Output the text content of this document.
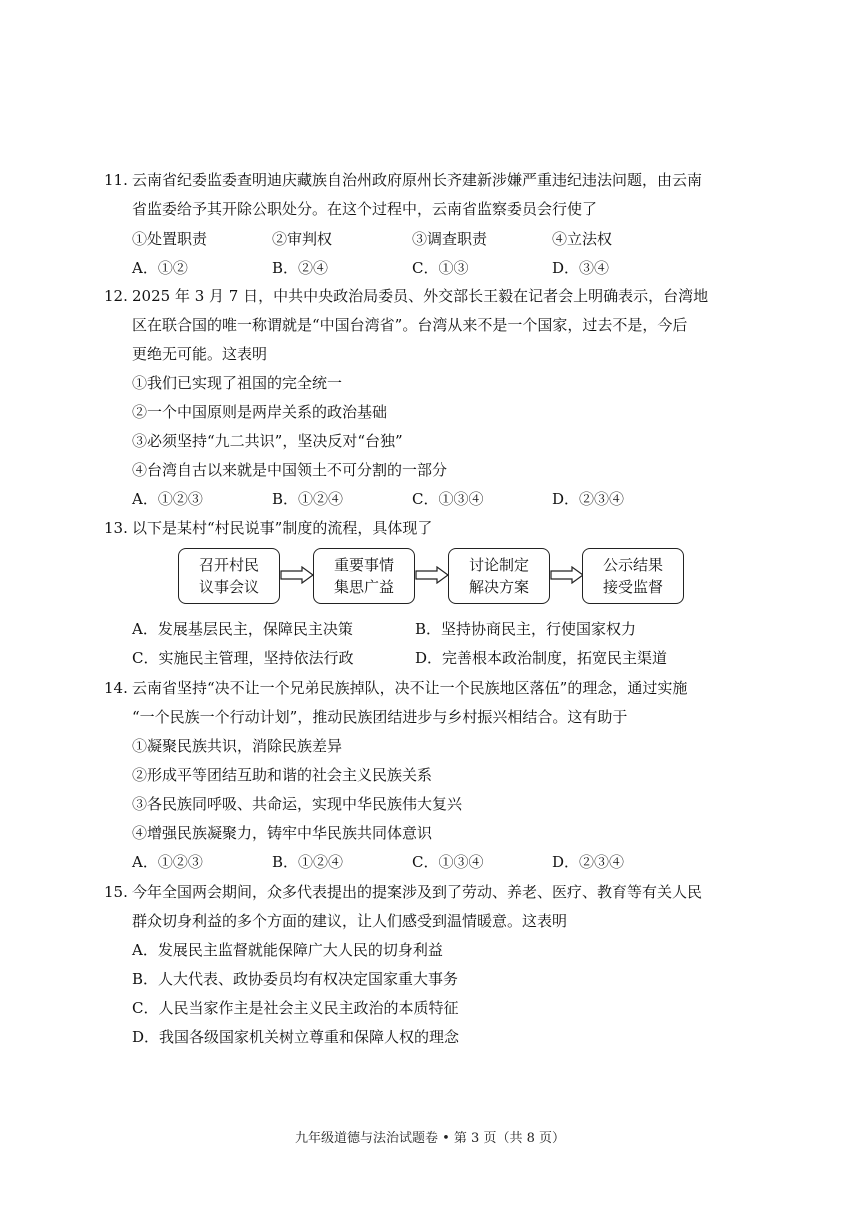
11. 云南省纪委监委查明迪庆藏族自治州政府原州长齐建新涉嫌严重违纪违法问题，由云南
省监委给予其开除公职处分。在这个过程中，云南省监察委员会行使了
①处置职责	②审判权	③调查职责	④立法权
A．①②	B．②④	C．①③	D．③④
12. 2025 年 3 月 7 日，中共中央政治局委员、外交部长王毅在记者会上明确表示，台湾地
区在联合国的唯一称谓就是“中国台湾省”。台湾从来不是一个国家，过去不是，今后
更绝无可能。这表明
①我们已实现了祖国的完全统一
②一个中国原则是两岸关系的政治基础
③必须坚持“九二共识”，坚决反对“台独”
④台湾自古以来就是中国领土不可分割的一部分
A．①②③	B．①②④	C．①③④	D．②③④
13. 以下是某村“村民说事”制度的流程，具体现了
召开村民
议事会议
重要事情
集思广益
讨论制定
解决方案
公示结果
接受监督
A．发展基层民主，保障民主决策	B．坚持协商民主，行使国家权力
C．实施民主管理，坚持依法行政	D．完善根本政治制度，拓宽民主渠道
14. 云南省坚持“决不让一个兄弟民族掉队，决不让一个民族地区落伍”的理念，通过实施
“一个民族一个行动计划”，推动民族团结进步与乡村振兴相结合。这有助于
①凝聚民族共识，消除民族差异
②形成平等团结互助和谐的社会主义民族关系
③各民族同呼吸、共命运，实现中华民族伟大复兴
④增强民族凝聚力，铸牢中华民族共同体意识
A．①②③	B．①②④	C．①③④	D．②③④
15. 今年全国两会期间，众多代表提出的提案涉及到了劳动、养老、医疗、教育等有关人民
群众切身利益的多个方面的建议，让人们感受到温情暖意。这表明
A．发展民主监督就能保障广大人民的切身利益
B．人大代表、政协委员均有权决定国家重大事务
C．人民当家作主是社会主义民主政治的本质特征
D．我国各级国家机关树立尊重和保障人权的理念
九年级道德与法治试题卷 • 第 3 页（共 8 页）
